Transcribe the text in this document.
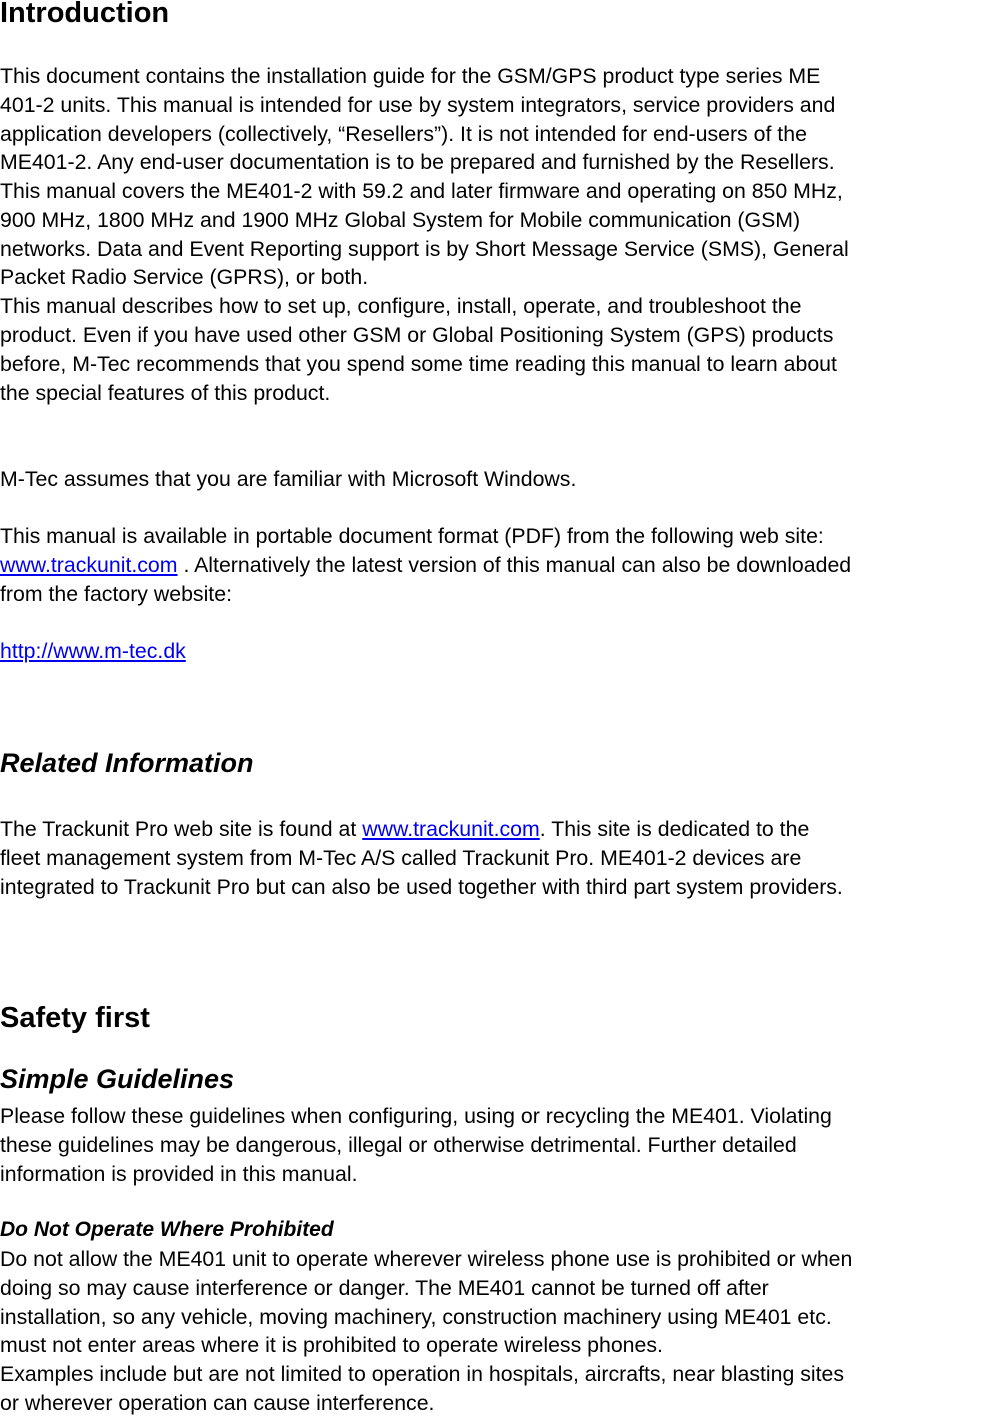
Introduction
This document contains the installation guide for the GSM/GPS product type series ME
401-2 units. This manual is intended for use by system integrators, service providers and
application developers (collectively, “Resellers”). It is not intended for end-users of the
ME401-2. Any end-user documentation is to be prepared and furnished by the Resellers.
This manual covers the ME401-2 with 59.2 and later firmware and operating on 850 MHz,
900 MHz, 1800 MHz and 1900 MHz Global System for Mobile communication (GSM)
networks. Data and Event Reporting support is by Short Message Service (SMS), General
Packet Radio Service (GPRS), or both.
This manual describes how to set up, configure, install, operate, and troubleshoot the
product. Even if you have used other GSM or Global Positioning System (GPS) products
before, M-Tec recommends that you spend some time reading this manual to learn about
the special features of this product.
M-Tec assumes that you are familiar with Microsoft Windows.
This manual is available in portable document format (PDF) from the following web site:
www.trackunit.com . Alternatively the latest version of this manual can also be downloaded
from the factory website:
http://www.m-tec.dk
Related Information
The Trackunit Pro web site is found at www.trackunit.com. This site is dedicated to the
fleet management system from M-Tec A/S called Trackunit Pro. ME401-2 devices are
integrated to Trackunit Pro but can also be used together with third part system providers.
Safety first
Simple Guidelines
Please follow these guidelines when configuring, using or recycling the ME401. Violating
these guidelines may be dangerous, illegal or otherwise detrimental. Further detailed
information is provided in this manual.
Do Not Operate Where Prohibited
Do not allow the ME401 unit to operate wherever wireless phone use is prohibited or when
doing so may cause interference or danger. The ME401 cannot be turned off after
installation, so any vehicle, moving machinery, construction machinery using ME401 etc.
must not enter areas where it is prohibited to operate wireless phones.
Examples include but are not limited to operation in hospitals, aircrafts, near blasting sites
or wherever operation can cause interference.
